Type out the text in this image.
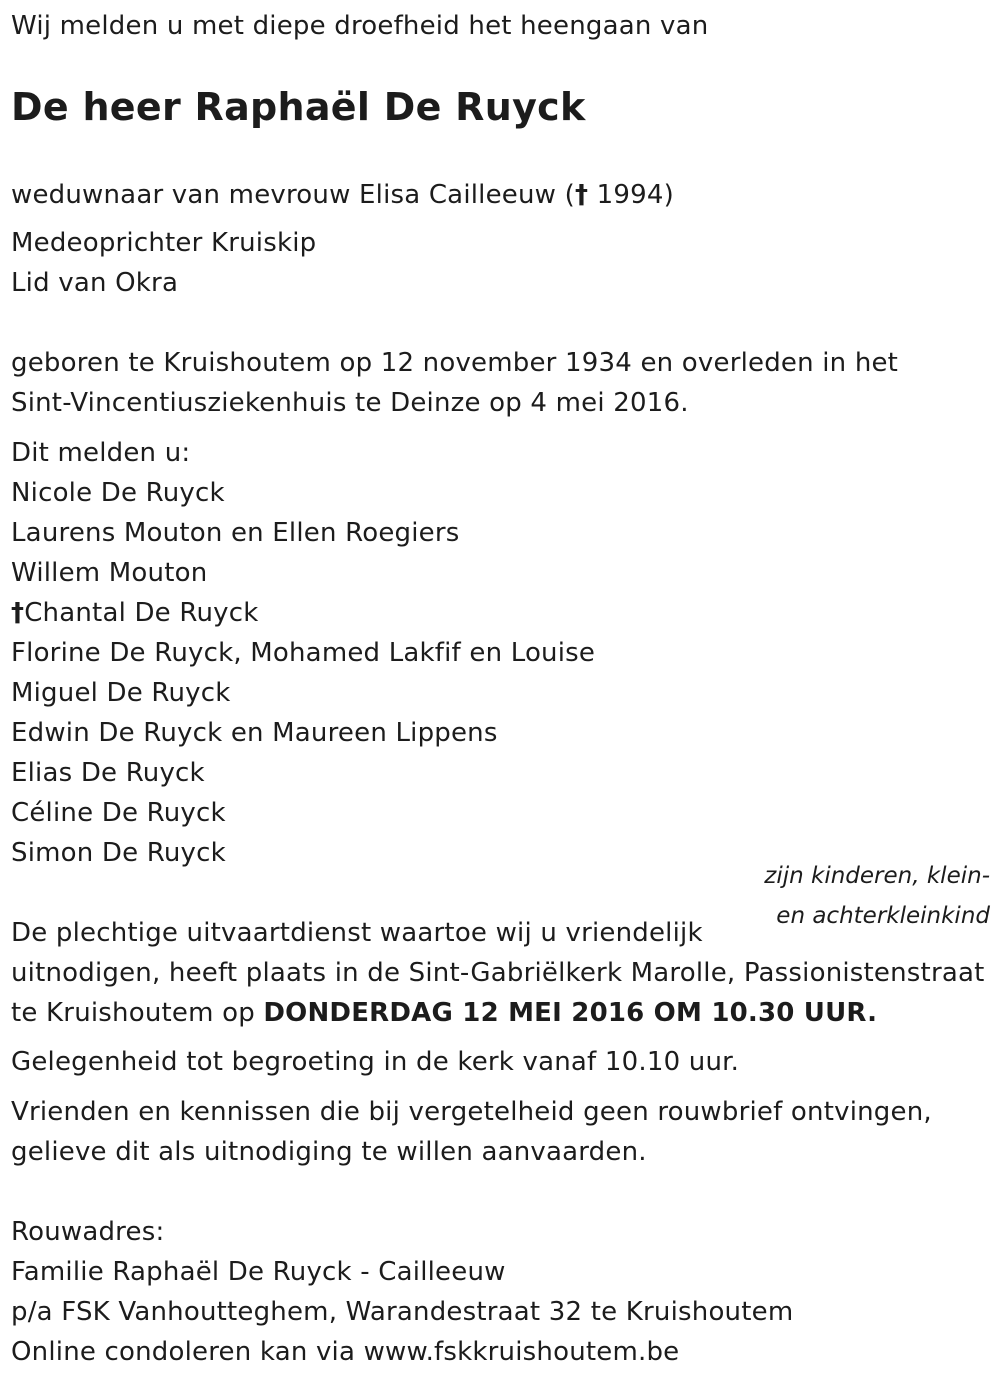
Wij melden u met diepe droefheid het heengaan van

De heer Raphaël De Ruyck

weduwnaar van mevrouw Elisa Cailleeuw († 1994)

Medeoprichter Kruiskip

Lid van Okra

geboren te Kruishoutem op 12 november 1934 en overleden in het

Sint-Vincentiusziekenhuis te Deinze op 4 mei 2016.

Dit melden u:

Nicole De Ruyck

Laurens Mouton en Ellen Roegiers

Willem Mouton

†Chantal De Ruyck

Florine De Ruyck, Mohamed Lakfif en Louise

Miguel De Ruyck

Edwin De Ruyck en Maureen Lippens

Elias De Ruyck

Céline De Ruyck

Simon De Ruyck

zijn kinderen, klein-
en achterkleinkind

De plechtige uitvaartdienst waartoe wij u vriendelijk

uitnodigen, heeft plaats in de Sint-Gabriëlkerk Marolle, Passionistenstraat

te Kruishoutem op DONDERDAG 12 MEI 2016 OM 10.30 UUR.

Gelegenheid tot begroeting in de kerk vanaf 10.10 uur.

Vrienden en kennissen die bij vergetelheid geen rouwbrief ontvingen,

gelieve dit als uitnodiging te willen aanvaarden.

Rouwadres:

Familie Raphaël De Ruyck - Cailleeuw

p/a FSK Vanhoutteghem, Warandestraat 32 te Kruishoutem

Online condoleren kan via www.fskkruishoutem.be
